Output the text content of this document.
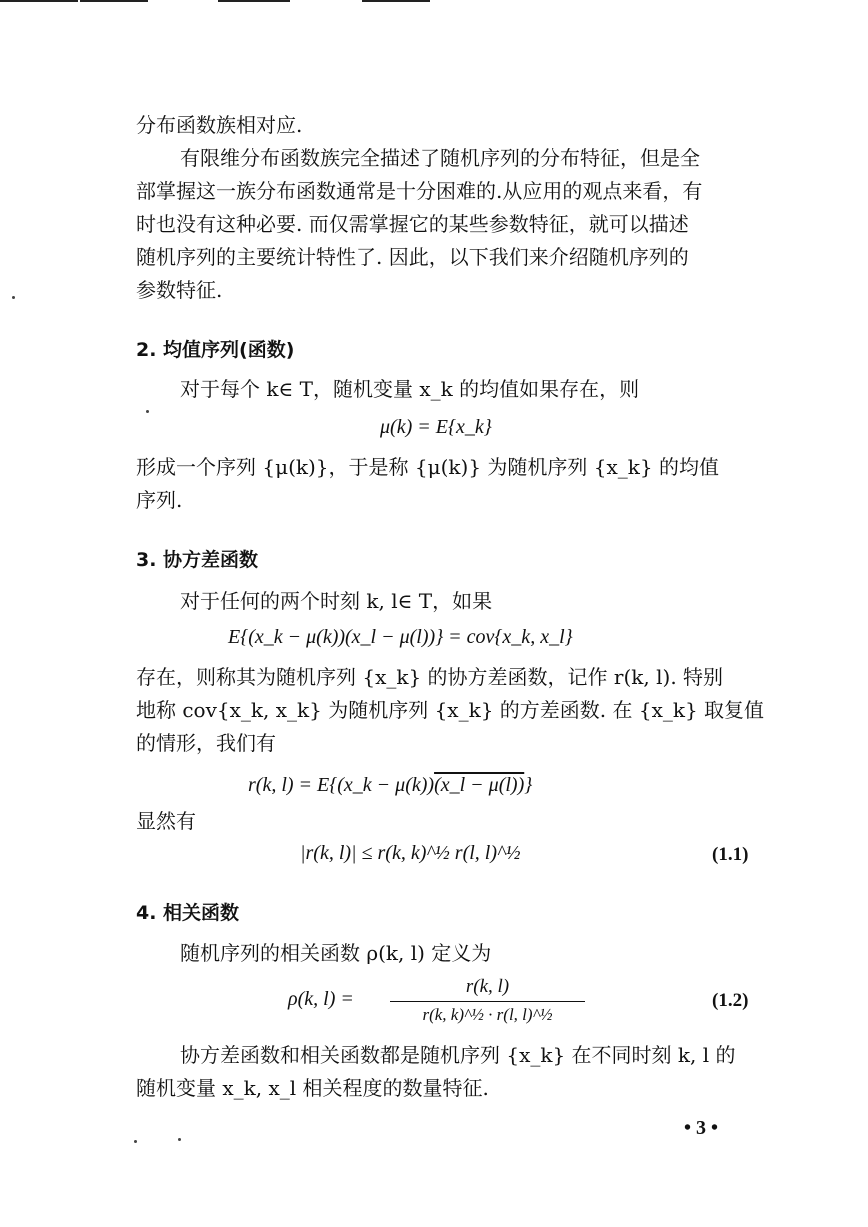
分布函数族相对应.
有限维分布函数族完全描述了随机序列的分布特征，但是全
部掌握这一族分布函数通常是十分困难的.从应用的观点来看，有
时也没有这种必要. 而仅需掌握它的某些参数特征，就可以描述
随机序列的主要统计特性了. 因此，以下我们来介绍随机序列的
参数特征.
2. 均值序列(函数)
对于每个 k∈ T，随机变量 x_k 的均值如果存在，则
μ(k) = E{x_k}
形成一个序列 {μ(k)}，于是称 {μ(k)} 为随机序列 {x_k} 的均值
序列.
3. 协方差函数
对于任何的两个时刻 k, l∈ T，如果
E{(x_k − μ(k))(x_l − μ(l))} = cov{x_k, x_l}
存在，则称其为随机序列 {x_k} 的协方差函数，记作 r(k, l). 特别
地称 cov{x_k, x_k} 为随机序列 {x_k} 的方差函数. 在 {x_k} 取复值
的情形，我们有
r(k, l) = E{(x_k − μ(k))(x_l − μ(l))}
显然有
|r(k, l)| ≤ r(k, k)^½ r(l, l)^½	(1.1)
4. 相关函数
随机序列的相关函数 ρ(k, l) 定义为
ρ(k, $l) = \frac{r(k, l)}{\text{r(k, k)\textasciicircum{}½ · r(l, l)\textasciicircum{}½}}$	(1.2)
协方差函数和相关函数都是随机序列 {x_k} 在不同时刻 k, l 的
随机变量 x_k, x_l 相关程度的数量特征.
• 3 •
